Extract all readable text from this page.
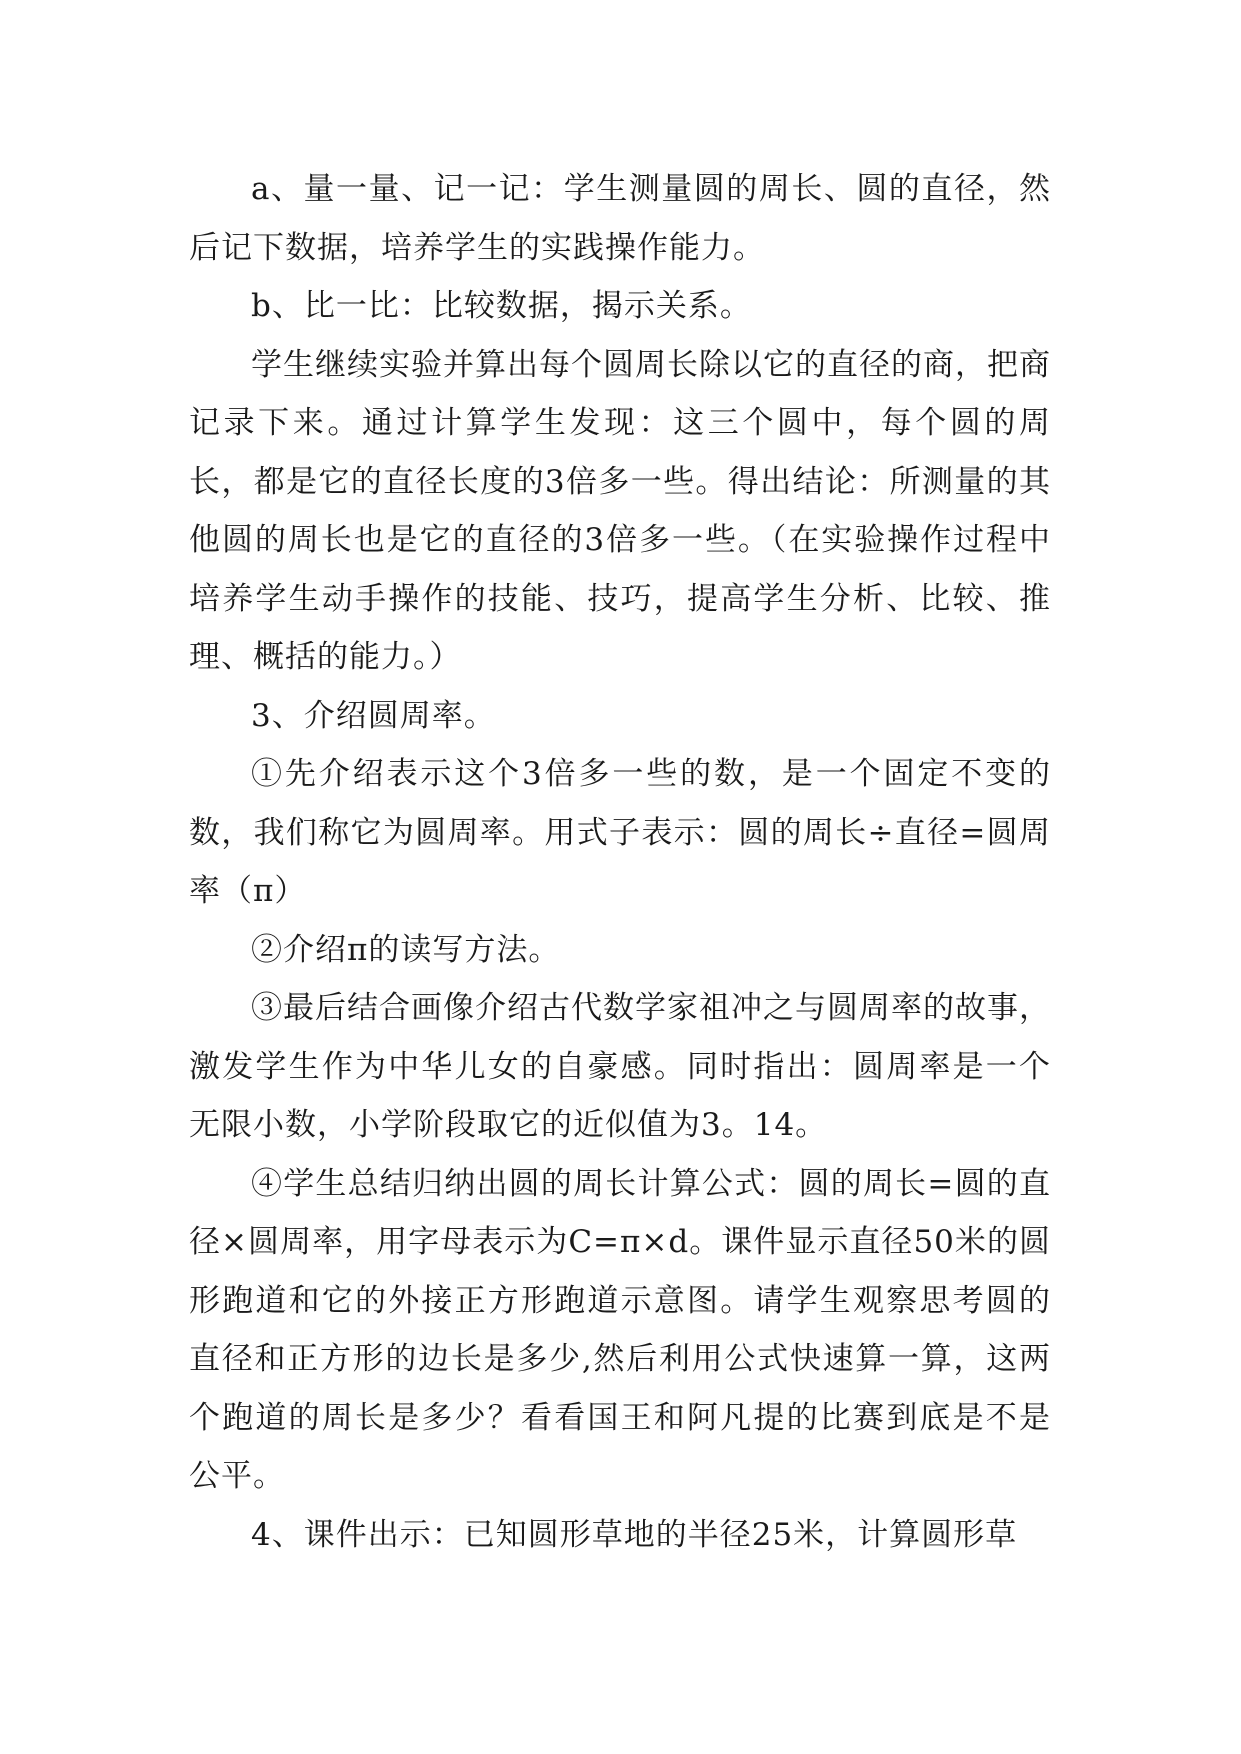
a、量一量、记一记：学生测量圆的周长、圆的直径，然后记下数据，培养学生的实践操作能力。

b、比一比：比较数据，揭示关系。

学生继续实验并算出每个圆周长除以它的直径的商，把商记录下来。通过计算学生发现：这三个圆中，每个圆的周长，都是它的直径长度的3倍多一些。得出结论：所测量的其他圆的周长也是它的直径的3倍多一些。（在实验操作过程中培养学生动手操作的技能、技巧，提高学生分析、比较、推理、概括的能力。）

3、介绍圆周率。

①先介绍表示这个3倍多一些的数，是一个固定不变的数，我们称它为圆周率。用式子表示：圆的周长÷直径=圆周率（π）

②介绍π的读写方法。

③最后结合画像介绍古代数学家祖冲之与圆周率的故事，激发学生作为中华儿女的自豪感。同时指出：圆周率是一个无限小数，小学阶段取它的近似值为3。14。

④学生总结归纳出圆的周长计算公式：圆的周长=圆的直径×圆周率，用字母表示为C=π×d。课件显示直径50米的圆形跑道和它的外接正方形跑道示意图。请学生观察思考圆的直径和正方形的边长是多少,然后利用公式快速算一算，这两个跑道的周长是多少？看看国王和阿凡提的比赛到底是不是公平。

4、课件出示：已知圆形草地的半径25米，计算圆形草
